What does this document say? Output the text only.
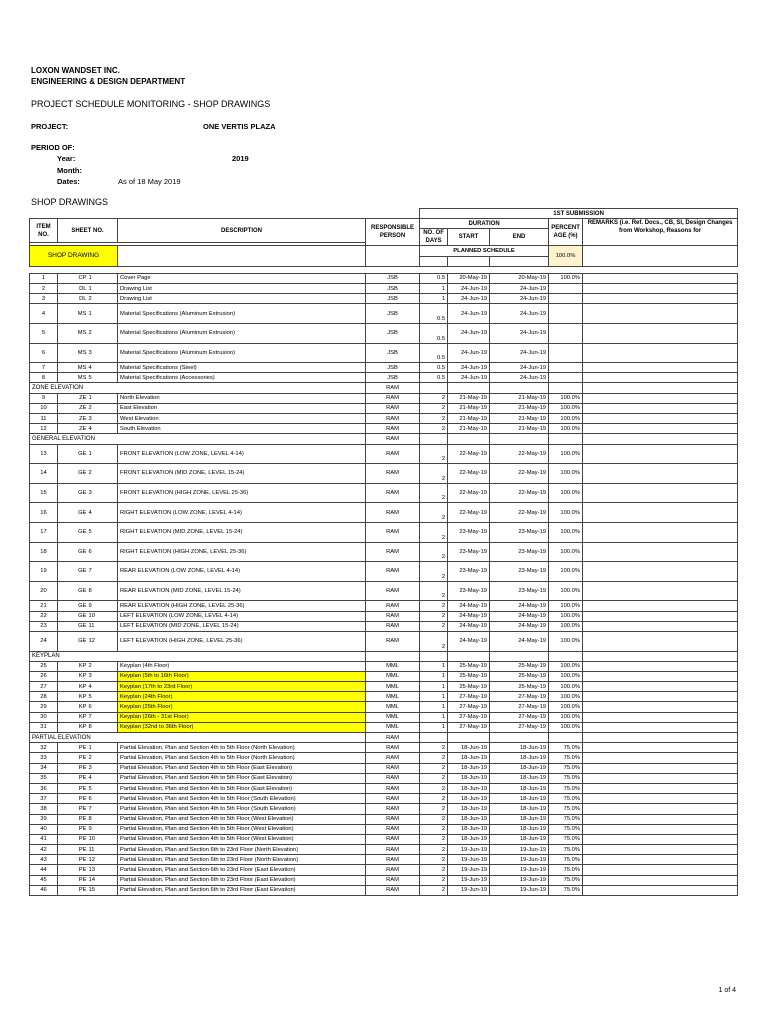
LOXON WANDSET INC.
ENGINEERING & DESIGN DEPARTMENT
PROJECT SCHEDULE MONITORING - SHOP DRAWINGS
PROJECT:	ONE VERTIS PLAZA
PERIOD OF:
Year:	2019
Month:
Dates:	As of 18 May 2019
SHOP DRAWINGS
					1ST SUBMISSION				
ITEM NO.	SHEET NO.		DESCRIPTION	RESPONSIBLE PERSON	DURATION			PERCENT AGE (%)	REMARKS (i.e. Ref. Docs., CB, SI, Design Changes from Workshop, Reasons for
					NO. OF DAYS	START	END		

SHOP DRAWING					PLANNED SCHEDULE			100.0%	

1	CP	1	Cover Page	JSB	0.5	20-May-19	20-May-19	100.0%	
2	DL	1	Drawing List	JSB	1	24-Jun-19	24-Jun-19		
3	DL	2	Drawing List	JSB	1	24-Jun-19	24-Jun-19		
4	MS	1	Material Specifications (Aluminum Extrusion)	JSB	0.5	24-Jun-19	24-Jun-19		
5	MS	2	Material Specifications (Aluminum Extrusion)	JSB	0.5	24-Jun-19	24-Jun-19		
6	MS	3	Material Specifications (Aluminum Extrusion)	JSB	0.5	24-Jun-19	24-Jun-19		
7	MS	4	Material Specifications (Steel)	JSB	0.5	24-Jun-19	24-Jun-19		
8	MS	5	Material Specifications (Accessories)	JSB	0.5	24-Jun-19	24-Jun-19		
ZONE ELEVATION				RAM					
9	ZE	1	North Elevation	RAM	2	21-May-19	21-May-19	100.0%	
10	ZE	2	East Elevation	RAM	2	21-May-19	21-May-19	100.0%	
11	ZE	3	West Elevation	RAM	2	21-May-19	21-May-19	100.0%	
12	ZE	4	South Elevation	RAM	2	21-May-19	21-May-19	100.0%	
GENERAL ELEVATION				RAM					
13	GE	1	FRONT ELEVATION (LOW ZONE, LEVEL 4-14)	RAM	2	22-May-19	22-May-19	100.0%	
14	GE	2	FRONT ELEVATION (MID ZONE, LEVEL 15-24)	RAM	2	22-May-19	22-May-19	100.0%	
15	GE	3	FRONT ELEVATION (HIGH ZONE, LEVEL 25-36)	RAM	2	22-May-19	22-May-19	100.0%	
16	GE	4	RIGHT ELEVATION (LOW ZONE, LEVEL 4-14)	RAM	2	22-May-19	22-May-19	100.0%	
17	GE	5	RIGHT ELEVATION (MID ZONE, LEVEL 15-24)	RAM	2	23-May-19	23-May-19	100.0%	
18	GE	6	RIGHT ELEVATION (HIGH ZONE, LEVEL 25-36)	RAM	2	23-May-19	23-May-19	100.0%	
19	GE	7	REAR ELEVATION (LOW ZONE, LEVEL 4-14)	RAM	2	23-May-19	23-May-19	100.0%	
20	GE	8	REAR ELEVATION (MID ZONE, LEVEL 15-24)	RAM	2	23-May-19	23-May-19	100.0%	
21	GE	9	REAR ELEVATION (HIGH ZONE, LEVEL 25-36)	RAM	2	24-May-19	24-May-19	100.0%	
22	GE	10	LEFT ELEVATION (LOW ZONE, LEVEL 4-14)	RAM	2	24-May-19	24-May-19	100.0%	
23	GE	11	LEFT ELEVATION (MID ZONE, LEVEL 15-24)	RAM	2	24-May-19	24-May-19	100.0%	
24	GE	12	LEFT ELEVATION (HIGH ZONE, LEVEL 25-36)	RAM	2	24-May-19	24-May-19	100.0%	
KEYPLAN									
25	KP	2	Keyplan (4th Floor)	MML	1	25-May-19	25-May-19	100.0%	
26	KP	3	Keyplan (5th to 16th Floor)	MML	1	25-May-19	25-May-19	100.0%	
27	KP	4	Keyplan (17th to 23rd Floor)	MML	1	25-May-19	25-May-19	100.0%	
28	KP	5	Keyplan (24th Floor)	MML	1	27-May-19	27-May-19	100.0%	
29	KP	6	Keyplan (25th Floor)	MML	1	27-May-19	27-May-19	100.0%	
30	KP	7	Keyplan (26th - 31st Floor)	MML	1	27-May-19	27-May-19	100.0%	
31	KP	8	Keyplan (32nd to 36th Floor)	MML	1	27-May-19	27-May-19	100.0%	
PARTIAL ELEVATION				RAM					
32	PE	1	Partial Elevation, Plan and Section 4th to 5th Floor (North Elevation)	RAM	2	18-Jun-19	18-Jun-19	75.0%	
33	PE	2	Partial Elevation, Plan and Section 4th to 5th Floor (North Elevation)	RAM	2	18-Jun-19	18-Jun-19	75.0%	
34	PE	3	Partial Elevation, Plan and Section 4th to 5th Floor (East Elevation)	RAM	2	18-Jun-19	18-Jun-19	75.0%	
35	PE	4	Partial Elevation, Plan and Section 4th to 5th Floor (East Elevation)	RAM	2	18-Jun-19	18-Jun-19	75.0%	
36	PE	5	Partial Elevation, Plan and Section 4th to 5th Floor (East Elevation)	RAM	2	18-Jun-19	18-Jun-19	75.0%	
37	PE	6	Partial Elevation, Plan and Section 4th to 5th Floor (South Elevation)	RAM	2	18-Jun-19	18-Jun-19	75.0%	
38	PE	7	Partial Elevation, Plan and Section 4th to 5th Floor (South Elevation)	RAM	2	18-Jun-19	18-Jun-19	75.0%	
39	PE	8	Partial Elevation, Plan and Section 4th to 5th Floor (West Elevation)	RAM	2	18-Jun-19	18-Jun-19	75.0%	
40	PE	9	Partial Elevation, Plan and Section 4th to 5th Floor (West Elevation)	RAM	2	18-Jun-19	18-Jun-19	75.0%	
41	PE	10	Partial Elevation, Plan and Section 4th to 5th Floor (West Elevation)	RAM	2	18-Jun-19	18-Jun-19	75.0%	
42	PE	11	Partial Elevation, Plan and Section 6th to 23rd Floor (North Elevation)	RAM	2	19-Jun-19	19-Jun-19	75.0%	
43	PE	12	Partial Elevation, Plan and Section 6th to 23rd Floor (North Elevation)	RAM	2	19-Jun-19	19-Jun-19	75.0%	
44	PE	13	Partial Elevation, Plan and Section 6th to 23rd Floor (East Elevation)	RAM	2	19-Jun-19	19-Jun-19	75.0%	
45	PE	14	Partial Elevation, Plan and Section 6th to 23rd Floor (East Elevation)	RAM	2	19-Jun-19	19-Jun-19	75.0%	
46	PE	15	Partial Elevation, Plan and Section 6th to 23rd Floor (East Elevation)	RAM	2	19-Jun-19	19-Jun-19	75.0%	
1 of 4
